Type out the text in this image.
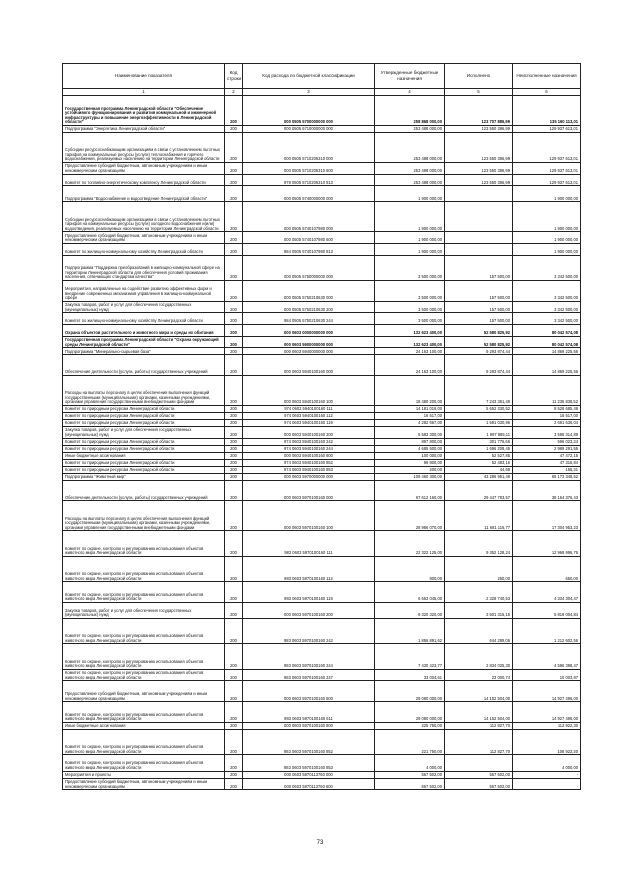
Наименование показателя	Код строки	Код расхода по бюджетной классификации	Утвержденные бюджетные назначения	Исполнено	Неисполненные назначения
1	2	3	4	5	6
Государственная программа Ленинградской области "Обеспечение устойчивого функционирования и развития коммунальной и инженерной инфраструктуры и повышение энергоэффективности в Ленинградской области"	200	000 0505 5700000000 000	258 868 000,00	123 707 886,99	135 160 113,01
Подпрограмма "Энергетика Ленинградской области"	200	000 0505 5710000000 000	253 488 000,00	123 550 386,99	129 937 613,01
Субсидии ресурсоснабжающим организациям в связи с установлением льготных тарифов на коммунальные ресурсы (услуги) теплоснабжения и горячего водоснабжения, реализуемых населению на территории Ленинградской области	200	000 0505 5710206310 000	253 488 000,00	123 550 386,99	129 937 613,01
Предоставление субсидий бюджетным, автономным учреждениям и иным некоммерческим организациям	200	000 0505 5710206310 600	253 488 000,00	123 550 386,99	129 937 613,01
Комитет по топливно-энергетическому комплексу Ленинградской области	200	978 0505 5710206310 813	253 488 000,00	123 550 386,99	129 937 613,01
Подпрограмма "Водоснабжение и водоотведение Ленинградской области"	200	000 0505 5740000000 000	1 900 000,00		1 900 000,00
Субсидии ресурсоснабжающим организациям в связи с установлением льготных тарифов на коммунальные ресурсы (услуги) холодного водоснабжения и(или) водоотведения, реализуемых населению на территории Ленинградской области	200	000 0505 5740107980 000	1 900 000,00		1 900 000,00
Предоставление субсидий бюджетным, автономным учреждениям и иным некоммерческим организациям	200	000 0505 5740107980 600	1 900 000,00		1 900 000,00
Комитет по жилищно-коммунальному хозяйству Ленинградской области	200	984 0505 5740107980 813	1 900 000,00		1 900 000,00
Подпрограмма "Поддержка преобразований в жилищно-коммунальной сфере на территории Ленинградской области для обеспечения условий проживания населения, отвечающих стандартам качества"	200	000 0505 5750000000 000	3 500 000,00	157 500,00	3 342 500,00
Мероприятия, направленные на содействие развитию эффективных форм и внедрение современных механизмов управления в жилищно-коммунальной сфере	200	000 0505 5750210630 000	3 500 000,00	157 500,00	3 342 500,00
Закупка товаров, работ и услуг для обеспечения государственных (муниципальных) нужд	200	000 0505 5750210630 200	3 500 000,00	157 500,00	3 342 500,00
Комитет по жилищно-коммунальному хозяйству Ленинградской области	200	984 0505 5750210630 244	3 500 000,00	157 500,00	3 342 500,00
Охрана объектов растительного и животного мира и среды их обитания	200	000 0603 0000000000 000	132 623 400,00	52 580 825,92	80 042 574,08
Государственная программа Ленинградской области "Охрана окружающей среды Ленинградской области"	200	000 0603 5900000000 000	132 623 400,00	52 580 825,92	80 042 574,08
Подпрограмма "Минерально-сырьевая база"	200	000 0603 5940000000 000	24 163 100,00	9 293 874,44	14 869 225,56
Обеспечение деятельности (услуги, работы) государственных учреждений	200	000 0603 5940100160 000	24 163 100,00	9 293 874,44	14 869 225,56
Расходы на выплаты персоналу в целях обеспечения выполнения функций государственными (муниципальными) органами, казенными учреждениями, органами управления государственными внебюджетными фондами	200	000 0603 5940100160 100	18 480 200,00	7 243 361,48	11 236 838,52
Комитет по природным ресурсам Ленинградской области	200	974 0603 5940100160 111	14 181 016,00	5 652 330,52	8 528 685,48
Комитет по природным ресурсам Ленинградской области	200	974 0603 5940100160 112	16 517,00		16 517,00
Комитет по природным ресурсам Ленинградской области	200	974 0603 5940100160 119	4 282 667,00	1 591 030,96	2 691 636,04
Закупка товаров, работ и услуг для обеспечения государственных (муниципальных) нужд	200	000 0603 5940100160 200	5 583 300,00	1 997 985,11	3 585 314,89
Комитет по природным ресурсам Ленинградской области	200	974 0603 5940100160 242	897 800,00	301 776,66	596 023,34
Комитет по природным ресурсам Ленинградской области	200	974 0603 5940100160 244	4 685 500,00	1 696 208,45	2 989 291,55
Иные бюджетные ассигнования	200	000 0603 5940100160 800	100 000,00	52 527,85	47 472,15
Комитет по природным ресурсам Ленинградской области	200	974 0603 5940100160 852	99 800,00	52 483,16	47 316,84
Комитет по природным ресурсам Ленинградской области	200	974 0603 5940100160 853	200,00	44,69	155,31
Подпрограмма "Животный мир"	200	000 0603 5970000000 000	108 460 300,00	43 286 951,48	65 173 348,52
Обеспечение деятельности (услуги, работы) государственных учреждений	200	000 0603 5970100160 000	67 612 160,00	29 447 783,57	38 164 376,43
Расходы на выплаты персоналу в целях обеспечения выполнения функций государственными (муниципальными) органами, казенными учреждениями, органами управления государственными внебюджетными фондами	200	000 0603 5970100160 100	28 986 070,00	11 681 116,77	17 304 953,23
Комитет по охране, контролю и регулированию использования объектов животного мира Ленинградской области	200	983 0603 5970100160 111	22 322 125,00	9 352 128,24	12 969 996,76
Комитет по охране, контролю и регулированию использования объектов животного мира Ленинградской области	200	983 0603 5970100160 112	900,00	250,00	650,00
Комитет по охране, контролю и регулированию использования объектов животного мира Ленинградской области	200	983 0603 5970100160 119	6 663 045,00	2 328 740,53	4 334 304,47
Закупка товаров, работ и услуг для обеспечения государственных (муниципальных) нужд	200	000 0603 5970100160 200	9 320 320,00	3 501 315,16	5 819 004,84
Комитет по охране, контролю и регулированию использования объектов животного мира Ленинградской области	200	983 0603 5970100160 242	1 856 891,62	644 289,06	1 212 602,56
Комитет по охране, контролю и регулированию использования объектов животного мира Ленинградской области	200	983 0603 5970100160 244	7 430 423,77	2 834 025,30	4 596 398,47
Комитет по охране, контролю и регулированию использования объектов животного мира Ленинградской области	200	983 0603 5970100160 247	33 004,61	23 000,74	10 003,87
Предоставление субсидий бюджетным, автономным учреждениям и иным некоммерческим организациям	200	000 0603 5970100160 600	29 080 000,00	14 152 504,00	14 927 496,00
Комитет по охране, контролю и регулированию использования объектов животного мира Ленинградской области	200	983 0603 5970100160 611	29 080 000,00	14 152 504,00	14 927 496,00
Иные бюджетные ассигнования	200	000 0603 5970100160 800	225 750,00	112 827,70	112 922,30
Комитет по охране, контролю и регулированию использования объектов животного мира Ленинградской области	200	983 0603 5970100160 852	221 750,00	112 827,70	108 922,30
Комитет по охране, контролю и регулированию использования объектов животного мира Ленинградской области	200	983 0603 5970100160 853	4 000,00		4 000,00
Мероприятия и проекты	200	000 0603 5970113760 000	567 502,00	567 502,00	-
Предоставление субсидий бюджетным, автономным учреждениям и иным некоммерческим организациям	200	000 0603 5970113760 600	567 502,00	567 502,00	-
73
